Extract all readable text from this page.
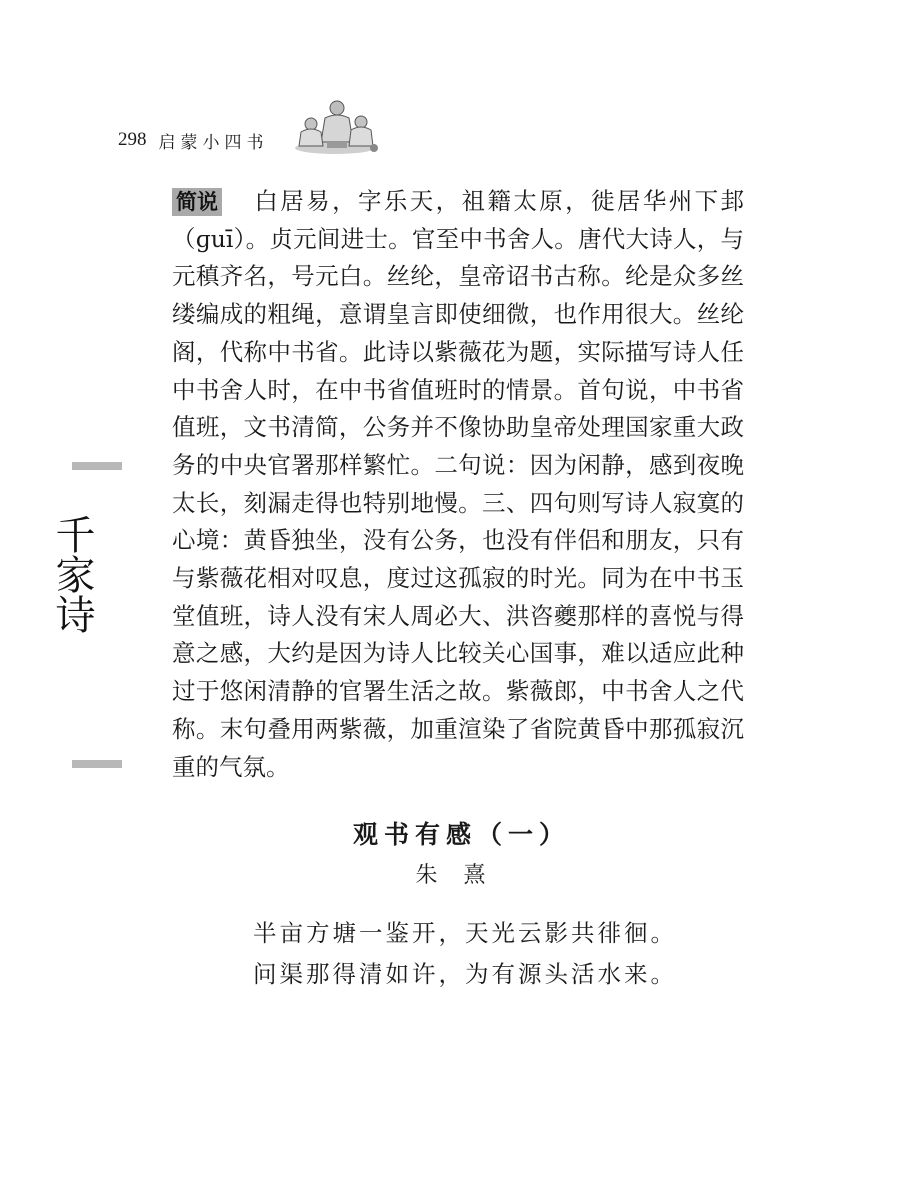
298 启蒙小四书
千家诗

简说 白居易，字乐天，祖籍太原，徙居华州下邽（ɡuī）。贞元间进士。官至中书舍人。唐代大诗人，与元稹齐名，号元白。丝纶，皇帝诏书古称。纶是众多丝缕编成的粗绳，意谓皇言即使细微，也作用很大。丝纶阁，代称中书省。此诗以紫薇花为题，实际描写诗人任中书舍人时，在中书省值班时的情景。首句说，中书省值班，文书清简，公务并不像协助皇帝处理国家重大政务的中央官署那样繁忙。二句说：因为闲静，感到夜晚太长，刻漏走得也特别地慢。三、四句则写诗人寂寞的心境：黄昏独坐，没有公务，也没有伴侣和朋友，只有与紫薇花相对叹息，度过这孤寂的时光。同为在中书玉堂值班，诗人没有宋人周必大、洪咨夔那样的喜悦与得意之感，大约是因为诗人比较关心国事，难以适应此种过于悠闲清静的官署生活之故。紫薇郎，中书舍人之代称。末句叠用两紫薇，加重渲染了省院黄昏中那孤寂沉重的气氛。

观书有感（一）
朱熹
半亩方塘一鉴开，天光云影共徘徊。
问渠那得清如许，为有源头活水来。
